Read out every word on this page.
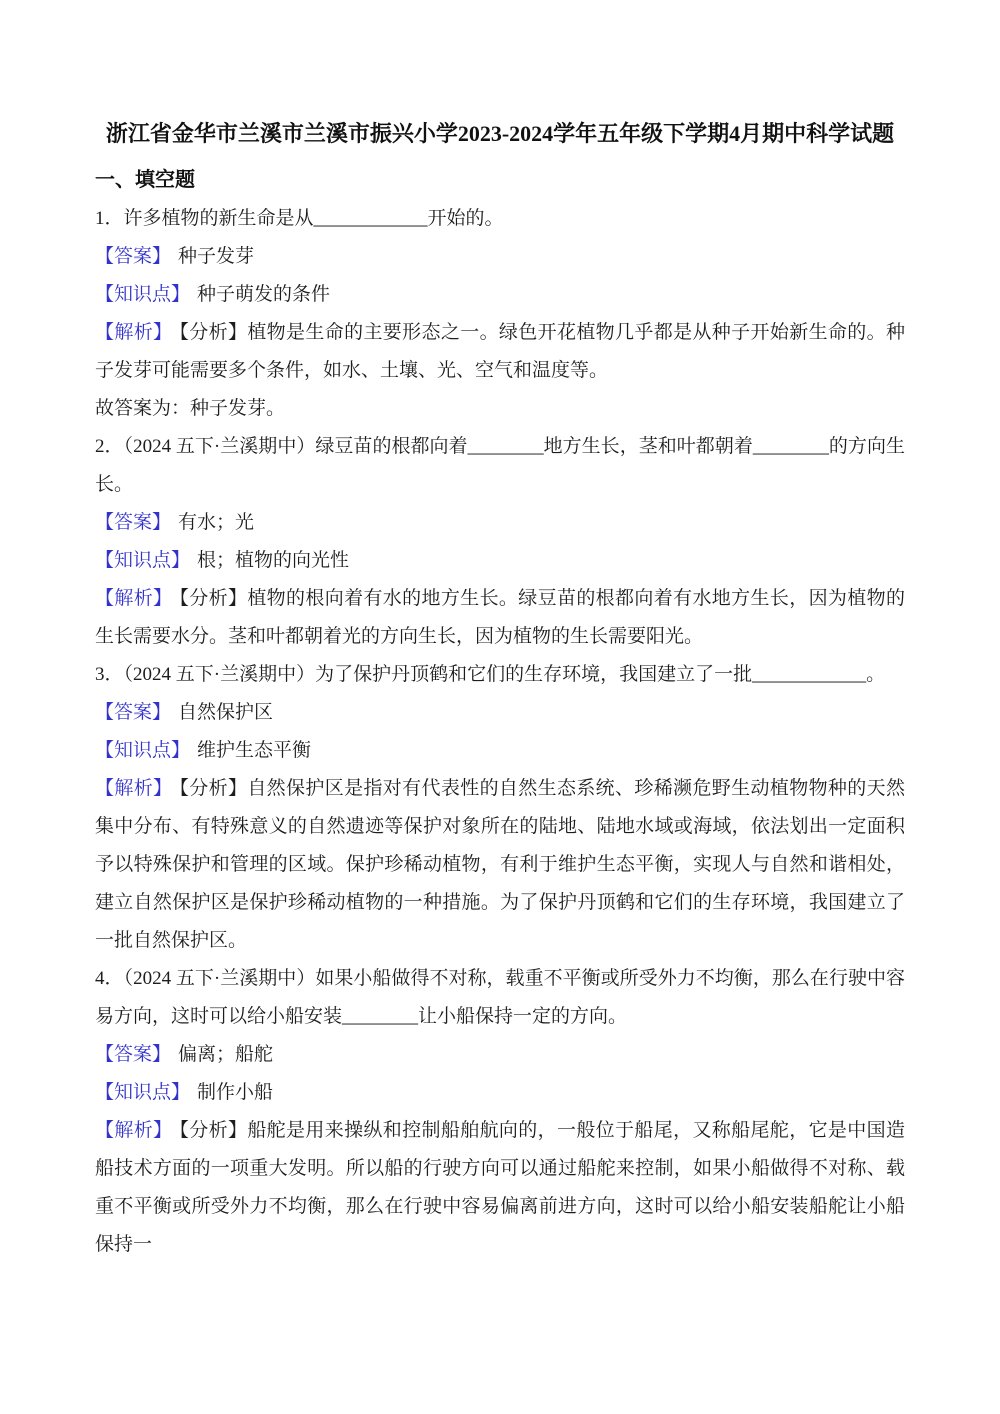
浙江省金华市兰溪市兰溪市振兴小学2023-2024学年五年级下学期4月期中科学试题
一、填空题

1．许多植物的新生命是从____________开始的。

【答案】 种子发芽

【知识点】 种子萌发的条件

【解析】 【分析】植物是生命的主要形态之一。绿色开花植物几乎都是从种子开始新生命的。种子发芽可能需要多个条件，如水、土壤、光、空气和温度等。

故答案为：种子发芽。

2．（2024 五下·兰溪期中）绿豆苗的根都向着________地方生长，茎和叶都朝着________的方向生长。

【答案】 有水；光

【知识点】 根；植物的向光性

【解析】 【分析】植物的根向着有水的地方生长。绿豆苗的根都向着有水地方生长，因为植物的生长需要水分。茎和叶都朝着光的方向生长，因为植物的生长需要阳光。

3．（2024 五下·兰溪期中）为了保护丹顶鹤和它们的生存环境，我国建立了一批____________。

【答案】 自然保护区

【知识点】 维护生态平衡

【解析】 【分析】自然保护区是指对有代表性的自然生态系统、珍稀濒危野生动植物物种的天然集中分布、有特殊意义的自然遗迹等保护对象所在的陆地、陆地水域或海域，依法划出一定面积予以特殊保护和管理的区域。保护珍稀动植物，有利于维护生态平衡，实现人与自然和谐相处，建立自然保护区是保护珍稀动植物的一种措施。为了保护丹顶鹤和它们的生存环境，我国建立了一批自然保护区。

4．（2024 五下·兰溪期中）如果小船做得不对称，载重不平衡或所受外力不均衡，那么在行驶中容易方向，这时可以给小船安装________让小船保持一定的方向。

【答案】 偏离；船舵

【知识点】 制作小船

【解析】 【分析】船舵是用来操纵和控制船舶航向的，一般位于船尾，又称船尾舵，它是中国造船技术方面的一项重大发明。所以船的行驶方向可以通过船舵来控制，如果小船做得不对称、载重不平衡或所受外力不均衡，那么在行驶中容易偏离前进方向，这时可以给小船安装船舵让小船保持一
